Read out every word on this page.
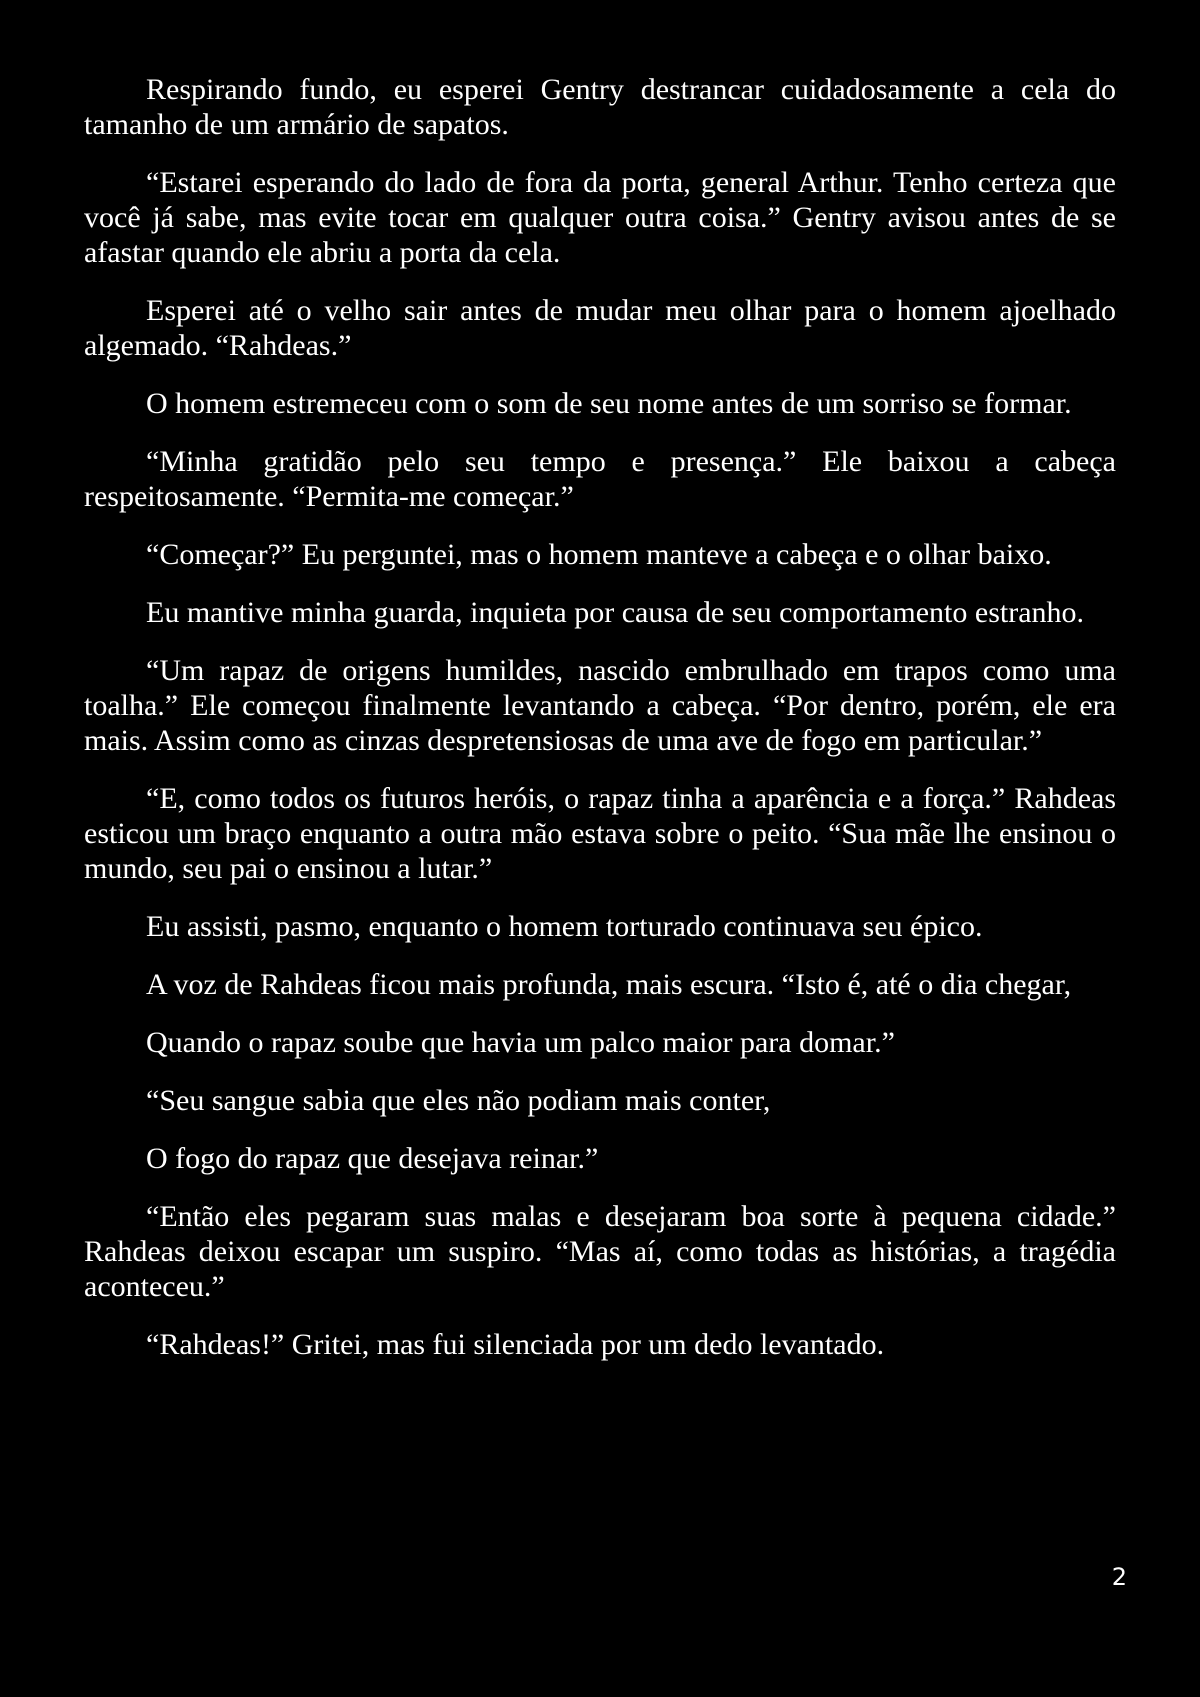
Respirando fundo, eu esperei Gentry destrancar cuidadosamente a cela do tamanho de um armário de sapatos.

“Estarei esperando do lado de fora da porta, general Arthur. Tenho certeza que você já sabe, mas evite tocar em qualquer outra coisa.” Gentry avisou antes de se afastar quando ele abriu a porta da cela.

Esperei até o velho sair antes de mudar meu olhar para o homem ajoelhado algemado. “Rahdeas.”

O homem estremeceu com o som de seu nome antes de um sorriso se formar.

“Minha gratidão pelo seu tempo e presença.” Ele baixou a cabeça respeitosamente. “Permita-me começar.”

“Começar?” Eu perguntei, mas o homem manteve a cabeça e o olhar baixo.

Eu mantive minha guarda, inquieta por causa de seu comportamento estranho.

“Um rapaz de origens humildes, nascido embrulhado em trapos como uma toalha.” Ele começou finalmente levantando a cabeça. “Por dentro, porém, ele era mais. Assim como as cinzas despretensiosas de uma ave de fogo em particular.”

“E, como todos os futuros heróis, o rapaz tinha a aparência e a força.” Rahdeas esticou um braço enquanto a outra mão estava sobre o peito. “Sua mãe lhe ensinou o mundo, seu pai o ensinou a lutar.”

Eu assisti, pasmo, enquanto o homem torturado continuava seu épico.

A voz de Rahdeas ficou mais profunda, mais escura. “Isto é, até o dia chegar,

Quando o rapaz soube que havia um palco maior para domar.”

“Seu sangue sabia que eles não podiam mais conter,

O fogo do rapaz que desejava reinar.”

“Então eles pegaram suas malas e desejaram boa sorte à pequena cidade.” Rahdeas deixou escapar um suspiro. “Mas aí, como todas as histórias, a tragédia aconteceu.”

“Rahdeas!” Gritei, mas fui silenciada por um dedo levantado.

2
